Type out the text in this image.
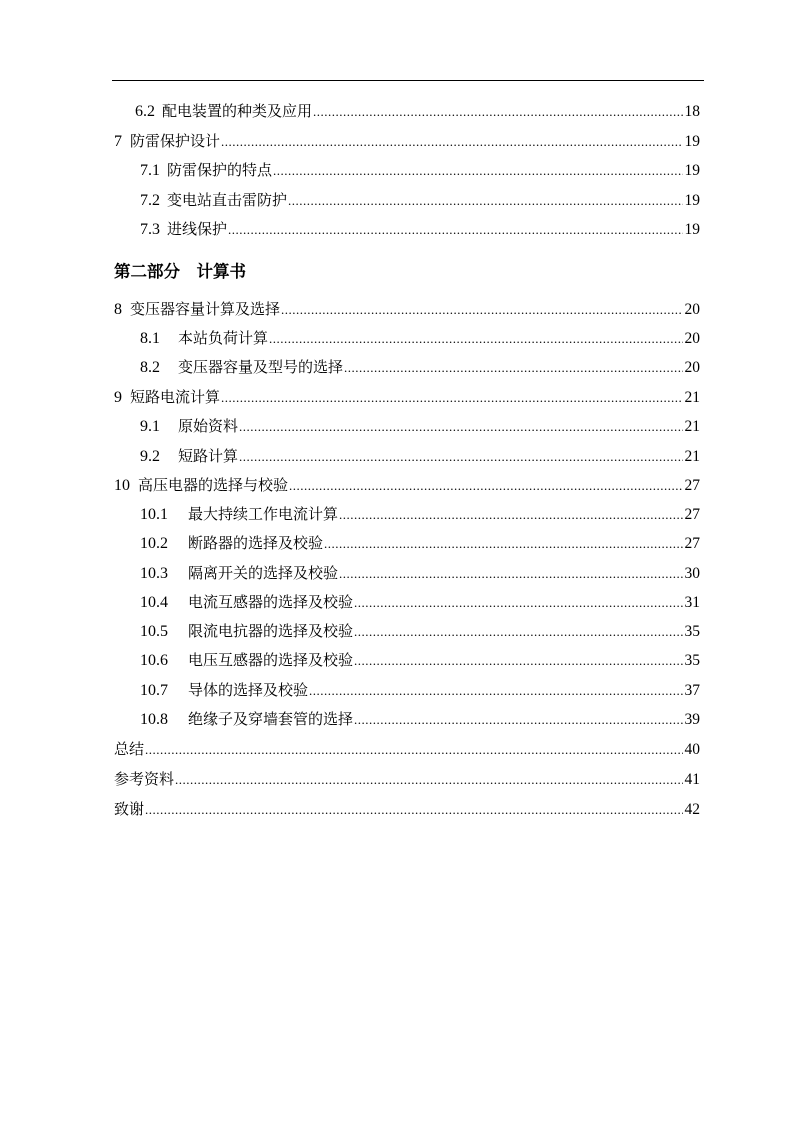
第二部分　计算书
6.2 配电装置的种类及应用 .....	18
7 防雷保护设计 .....	19
7.1 防雷保护的特点 .....	19
7.2 变电站直击雷防护 .....	19
7.3 进线保护 .....	19
8 变压器容量计算及选择 .....	20
8.1 本站负荷计算 .....	20
8.2 变压器容量及型号的选择 .....	20
9 短路电流计算 .....	21
9.1 原始资料 .....	21
9.2 短路计算 .....	21
10 高压电器的选择与校验 .....	27
10.1 最大持续工作电流计算 .....	27
10.2 断路器的选择及校验 .....	27
10.3 隔离开关的选择及校验 .....	30
10.4 电流互感器的选择及校验 .....	31
10.5 限流电抗器的选择及校验 .....	35
10.6 电压互感器的选择及校验 .....	35
10.7 导体的选择及校验 .....	37
10.8 绝缘子及穿墙套管的选择 .....	39
总结 .....	40
参考资料 .....	41
致谢 .....	42
